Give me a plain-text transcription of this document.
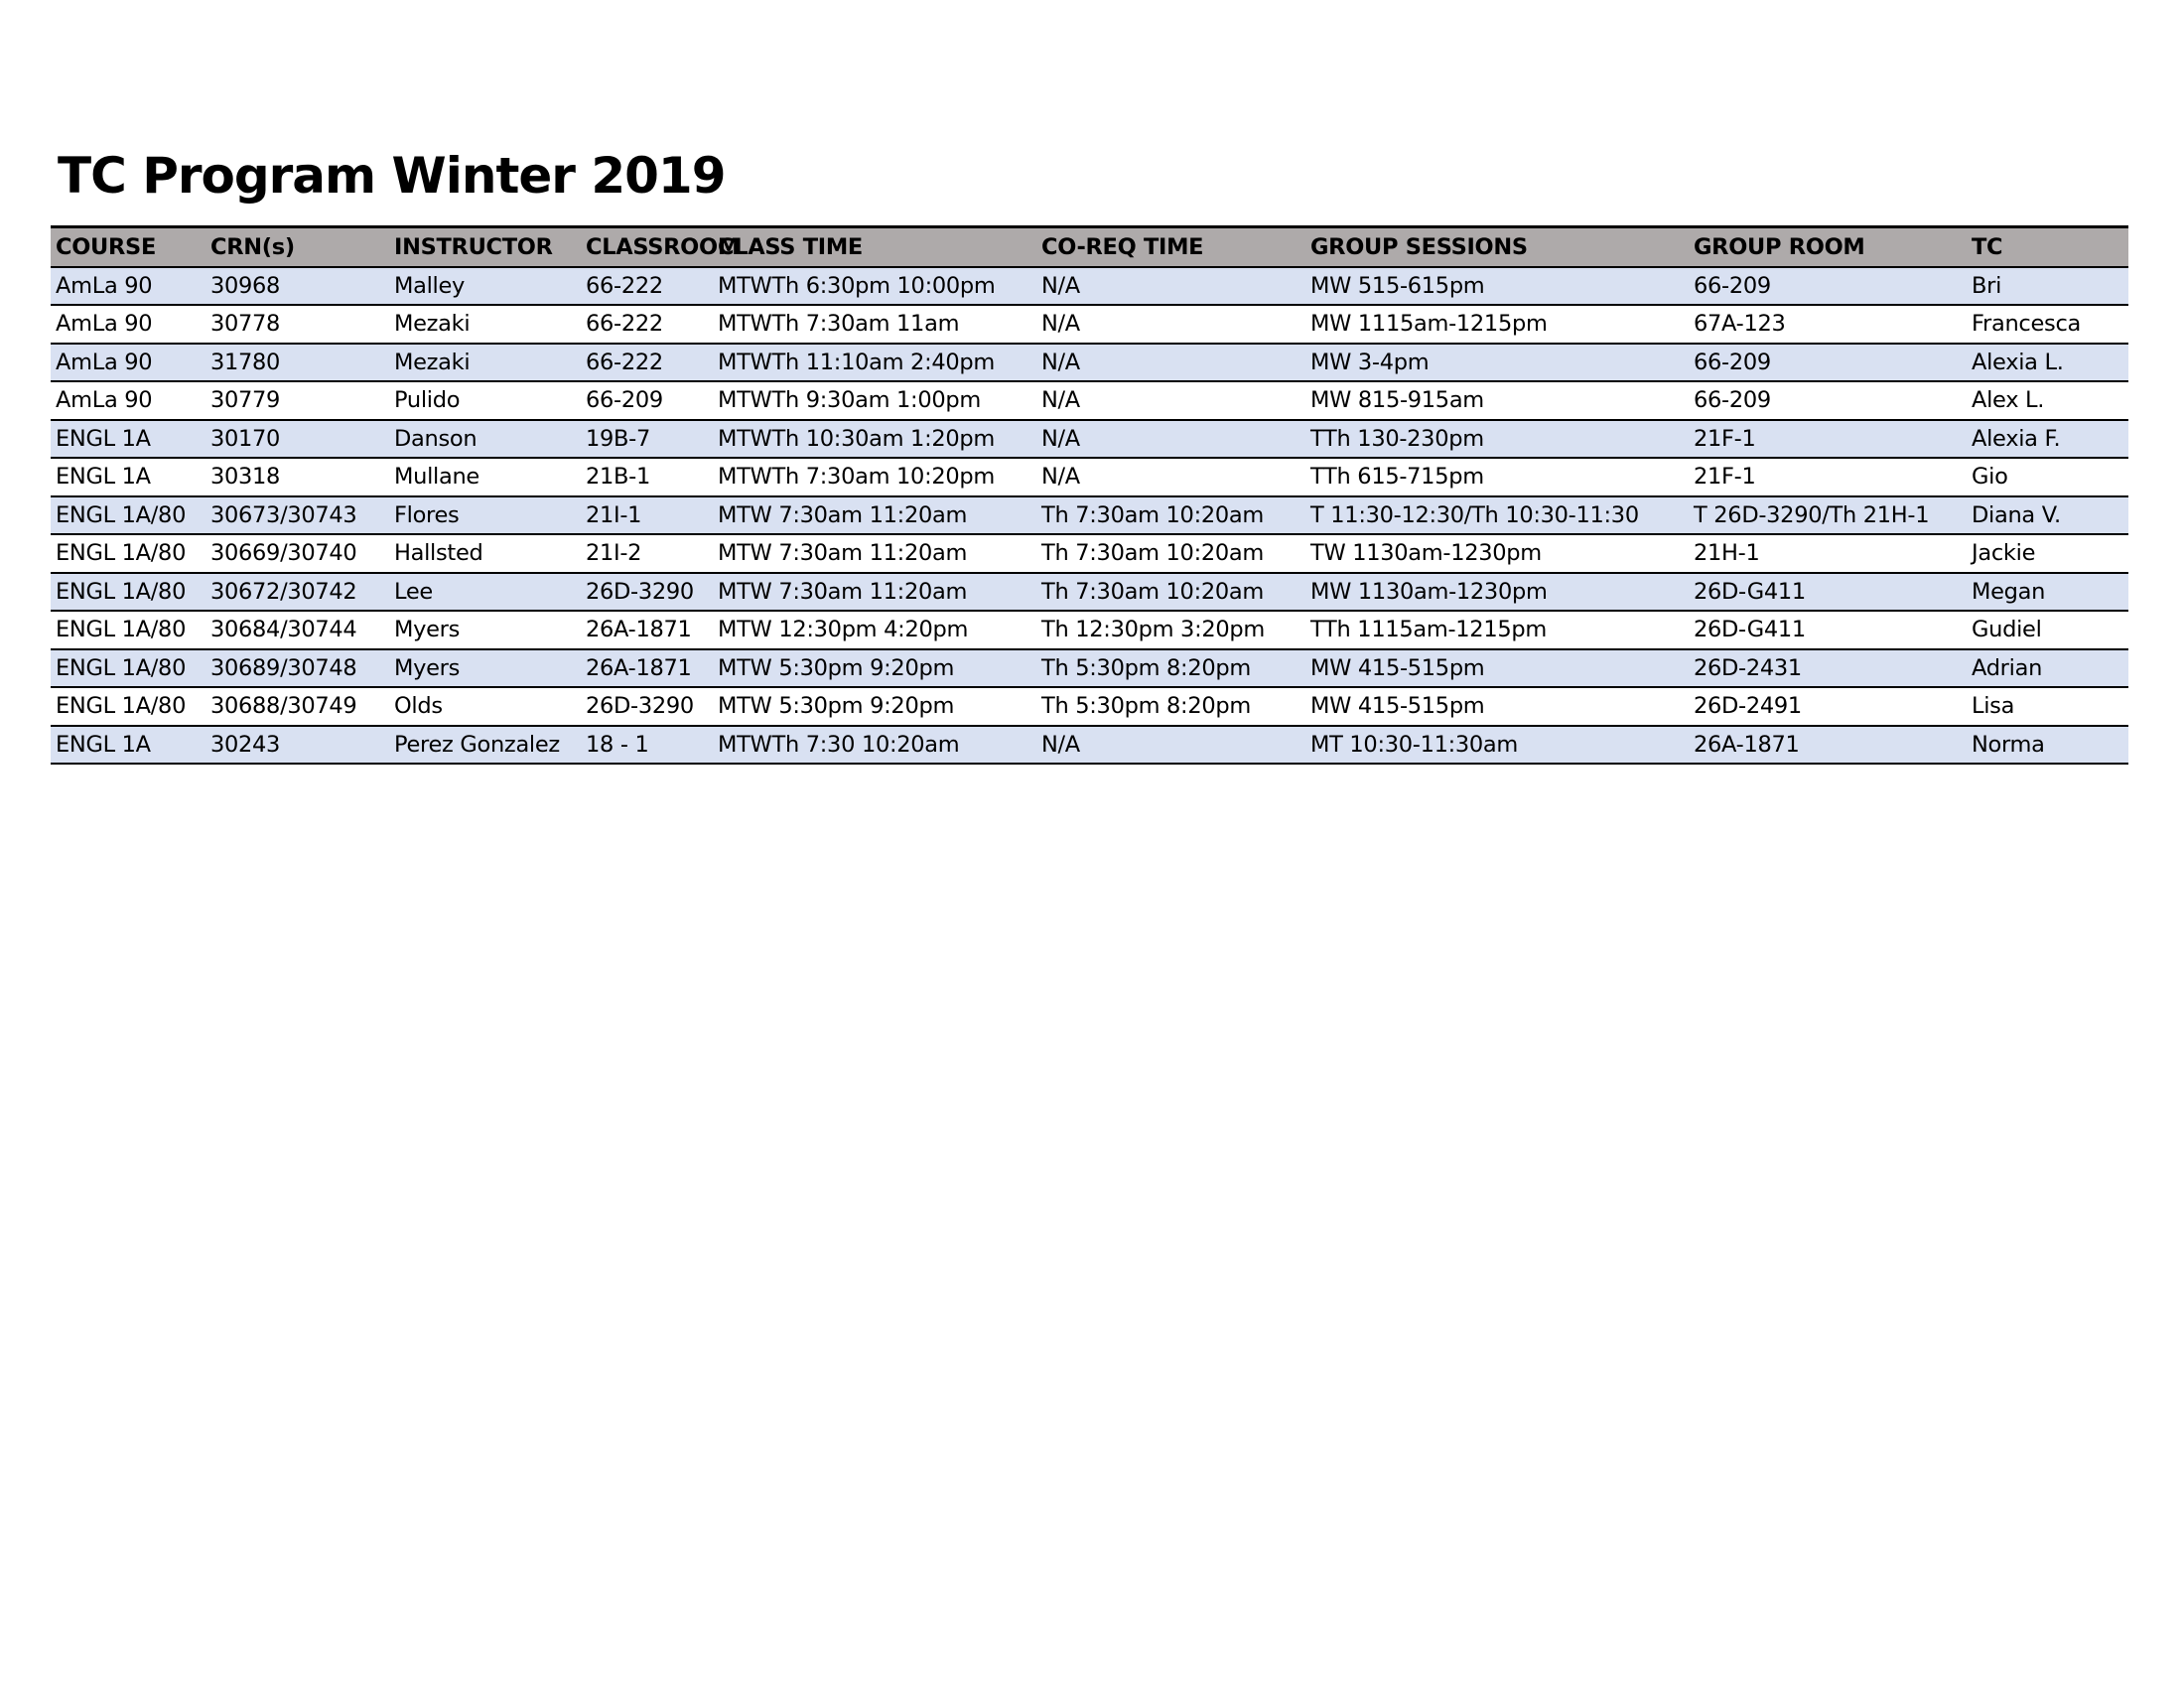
TC Program Winter 2019
COURSE	CRN(s)	INSTRUCTOR	CLASSROOM	CLASS TIME	CO-REQ TIME	GROUP SESSIONS	GROUP ROOM	TC
AmLa 90	30968	Malley	66-222	MTWTh 6:30pm 10:00pm	N/A	MW 515-615pm	66-209	Bri
AmLa 90	30778	Mezaki	66-222	MTWTh 7:30am 11am	N/A	MW 1115am-1215pm	67A-123	Francesca
AmLa 90	31780	Mezaki	66-222	MTWTh 11:10am 2:40pm	N/A	MW 3-4pm	66-209	Alexia L.
AmLa 90	30779	Pulido	66-209	MTWTh 9:30am 1:00pm	N/A	MW 815-915am	66-209	Alex L.
ENGL 1A	30170	Danson	19B-7	MTWTh 10:30am 1:20pm	N/A	TTh 130-230pm	21F-1	Alexia F.
ENGL 1A	30318	Mullane	21B-1	MTWTh 7:30am 10:20pm	N/A	TTh 615-715pm	21F-1	Gio
ENGL 1A/80	30673/30743	Flores	21I-1	MTW 7:30am 11:20am	Th 7:30am 10:20am	T 11:30-12:30/Th 10:30-11:30	T 26D-3290/Th 21H-1	Diana V.
ENGL 1A/80	30669/30740	Hallsted	21I-2	MTW 7:30am 11:20am	Th 7:30am 10:20am	TW 1130am-1230pm	21H-1	Jackie
ENGL 1A/80	30672/30742	Lee	26D-3290	MTW 7:30am 11:20am	Th 7:30am 10:20am	MW 1130am-1230pm	26D-G411	Megan
ENGL 1A/80	30684/30744	Myers	26A-1871	MTW 12:30pm 4:20pm	Th 12:30pm 3:20pm	TTh 1115am-1215pm	26D-G411	Gudiel
ENGL 1A/80	30689/30748	Myers	26A-1871	MTW 5:30pm 9:20pm	Th 5:30pm 8:20pm	MW 415-515pm	26D-2431	Adrian
ENGL 1A/80	30688/30749	Olds	26D-3290	MTW 5:30pm 9:20pm	Th 5:30pm 8:20pm	MW 415-515pm	26D-2491	Lisa
ENGL 1A	30243	Perez Gonzalez	18 - 1	MTWTh 7:30 10:20am	N/A	MT 10:30-11:30am	26A-1871	Norma
